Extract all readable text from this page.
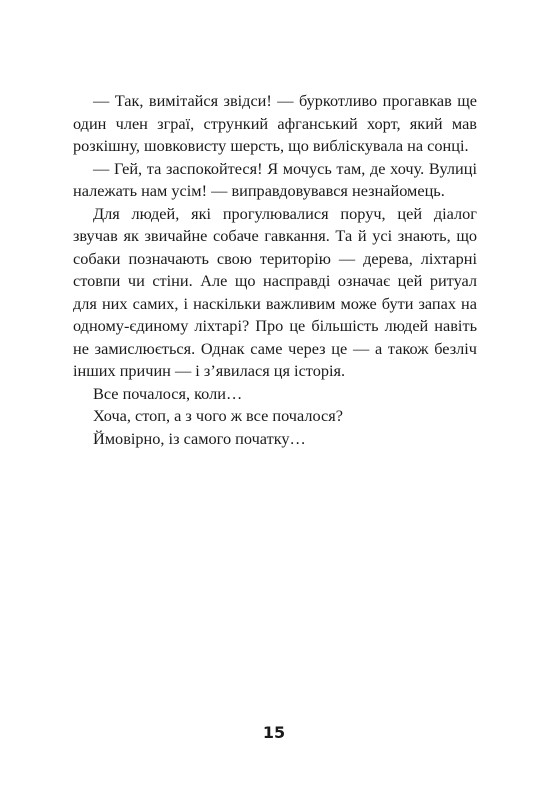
— Так, вимітайся звідси! — буркотливо прогавкав ще один член зграї, стрункий афганський хорт, який мав розкішну, шовковисту шерсть, що вибліскувала на сонці.

— Гей, та заспокойтеся! Я мочусь там, де хочу. Вулиці належать нам усім! — виправдовувався незнайомець.

Для людей, які прогулювалися поруч, цей діалог звучав як звичайне собаче гавкання. Та й усі знають, що собаки позначають свою територію — дерева, ліхтарні стовпи чи стіни. Але що насправді означає цей ритуал для них самих, і наскільки важливим може бути запах на одному-єдиному ліхтарі? Про це більшість людей навіть не замислюється. Однак саме через це — а також безліч інших причин — і з’явилася ця історія.

Все почалося, коли…

Хоча, стоп, а з чого ж все почалося?

Ймовірно, із самого початку…

15
